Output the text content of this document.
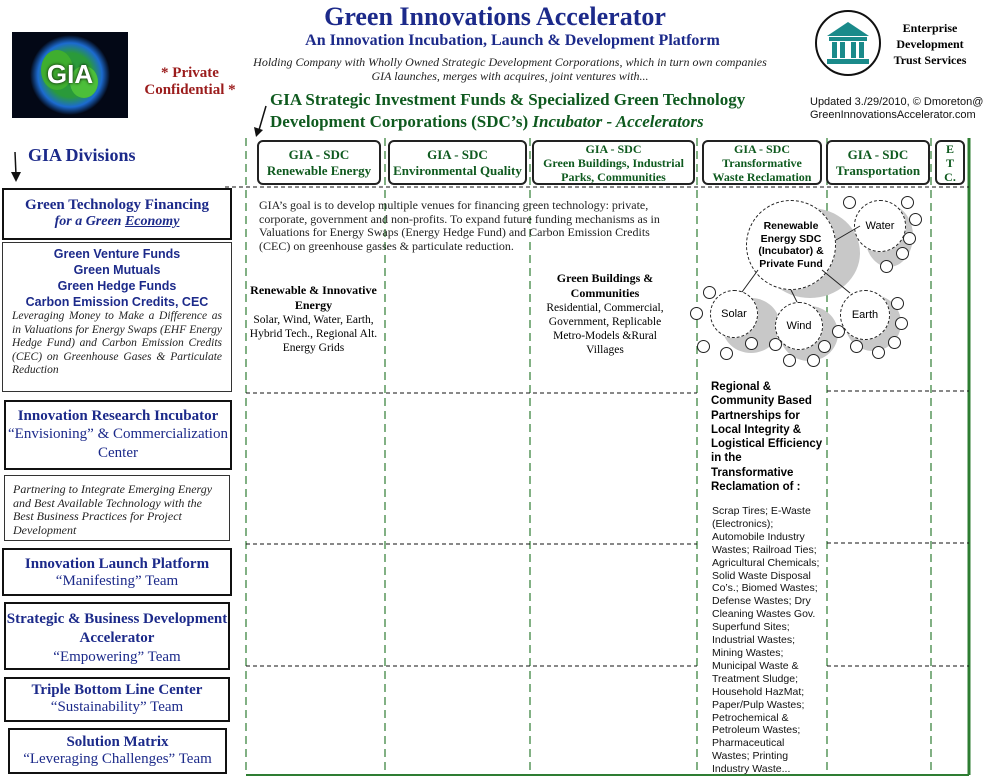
Green Innovations Accelerator
An Innovation Incubation, Launch & Development Platform
Holding Company with Wholly Owned Strategic Development Corporations, which in turn own companies GIA launches, merges with acquires, joint ventures with...
GIA	* Private
Confidential *
Enterprise
Development
Trust Services
GIA Strategic Investment Funds & Specialized Green Technology
Development Corporations (SDC’s) Incubator - Accelerators
Updated 3./29/2010, © Dmoreton@
GreenInnovationsAccelerator.com
GIA - SDC
Renewable Energy
GIA - SDC
Environmental Quality
GIA - SDC
Green Buildings, Industrial
Parks, Communities
GIA - SDC
Transformative
Waste Reclamation
GIA - SDC
Transportation
E
T
C.
GIA Divisions
Green Technology Financing
for a Green Economy
Green Venture Funds
Green Mutuals
Green Hedge Funds
Carbon Emission Credits, CEC
Leveraging Money to Make a Difference as in Valuations for Energy Swaps (EHF Energy Hedge Fund) and Carbon Emission Credits (CEC) on Greenhouse Gases & Particulate Reduction
Innovation Research Incubator
“Envisioning” & Commercialization Center
Partnering to Integrate Emerging Energy and Best Available Technology with the Best Business Practices for Project Development
Innovation Launch Platform
“Manifesting” Team
Strategic & Business Development Accelerator
“Empowering” Team
Triple Bottom Line Center
“Sustainability” Team
Solution Matrix
“Leveraging Challenges” Team
GIA’s goal is to develop multiple venues for financing green technology: private, corporate, government and non-profits. To expand future funding mechanisms as in Valuations for Energy Swaps (Energy Hedge Fund) and Carbon Emission Credits (CEC) on greenhouse gasses & particulate reduction.
Renewable & Innovative Energy
Solar, Wind, Water, Earth, Hybrid Tech., Regional Alt. Energy Grids
Green Buildings & Communities
Residential, Commercial, Government, Replicable Metro-Models &Rural Villages
Renewable Energy SDC (Incubator) & Private Fund
Water
Solar
Wind
Earth
Regional & Community Based Partnerships for Local Integrity & Logistical Efficiency in the Transformative Reclamation of :
Scrap Tires; E-Waste (Electronics); Automobile Industry Wastes; Railroad Ties; Agricultural Chemicals; Solid Waste Disposal Co’s.; Biomed Wastes; Defense Wastes; Dry Cleaning Wastes Gov. Superfund Sites; Industrial Wastes; Mining Wastes; Municipal Waste & Treatment Sludge; Household HazMat; Paper/Pulp Wastes; Petrochemical & Petroleum Wastes; Pharmaceutical Wastes; Printing Industry Waste...
